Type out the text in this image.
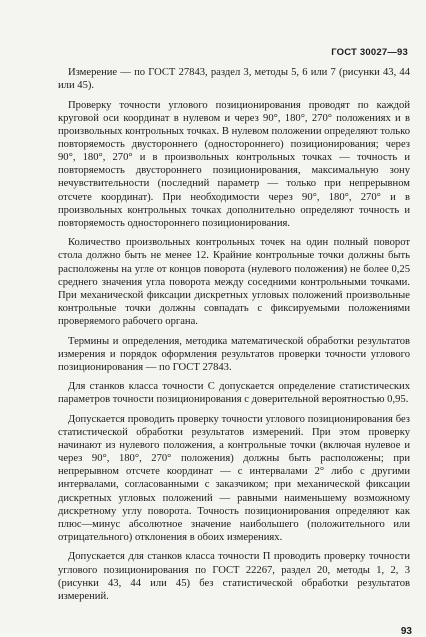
ГОСТ 30027—93

Измерение — по ГОСТ 27843, раздел 3, методы 5, 6 или 7 (рисунки 43, 44 или 45).

Проверку точности углового позиционирования проводят по каждой круговой оси координат в нулевом и через 90°, 180°, 270° положениях и в произвольных контрольных точках. В нулевом положении определяют только повторяемость двустороннего (одностороннего) позиционирования; через 90°, 180°, 270° и в произвольных контрольных точках — точность и повторяемость двустороннего позиционирования, максимальную зону нечувствительности (последний параметр — только при непрерывном отсчете координат). При необходимости через 90°, 180°, 270° и в произвольных контрольных точках дополнительно определяют точность и повторяемость одностороннего позиционирования.

Количество произвольных контрольных точек на один полный поворот стола должно быть не менее 12. Крайние контрольные точки должны быть расположены на угле от концов поворота (нулевого положения) не более 0,25 среднего значения угла поворота между соседними контрольными точками. При механической фиксации дискретных угловых положений произвольные контрольные точки должны совпадать с фиксируемыми положениями проверяемого рабочего органа.

Термины и определения, методика математической обработки результатов измерения и порядок оформления результатов проверки точности углового позиционирования — по ГОСТ 27843.

Для станков класса точности С допускается определение статистических параметров точности позиционирования с доверительной вероятностью 0,95.

Допускается проводить проверку точности углового позиционирования без статистической обработки результатов измерений. При этом проверку начинают из нулевого положения, а контрольные точки (включая нулевое и через 90°, 180°, 270° положения) должны быть расположены; при непрерывном отсчете координат — с интервалами 2° либо с другими интервалами, согласованными с заказчиком; при механической фиксации дискретных угловых положений — равными наименьшему возможному дискретному углу поворота. Точность позиционирования определяют как плюс—минус абсолютное значение наибольшего (положительного или отрицательного) отклонения в обоих измерениях.

Допускается для станков класса точности П проводить проверку точности углового позиционирования по ГОСТ 22267, раздел 20, методы 1, 2, 3 (рисунки 43, 44 или 45) без статистической обработки результатов измерений.

93
